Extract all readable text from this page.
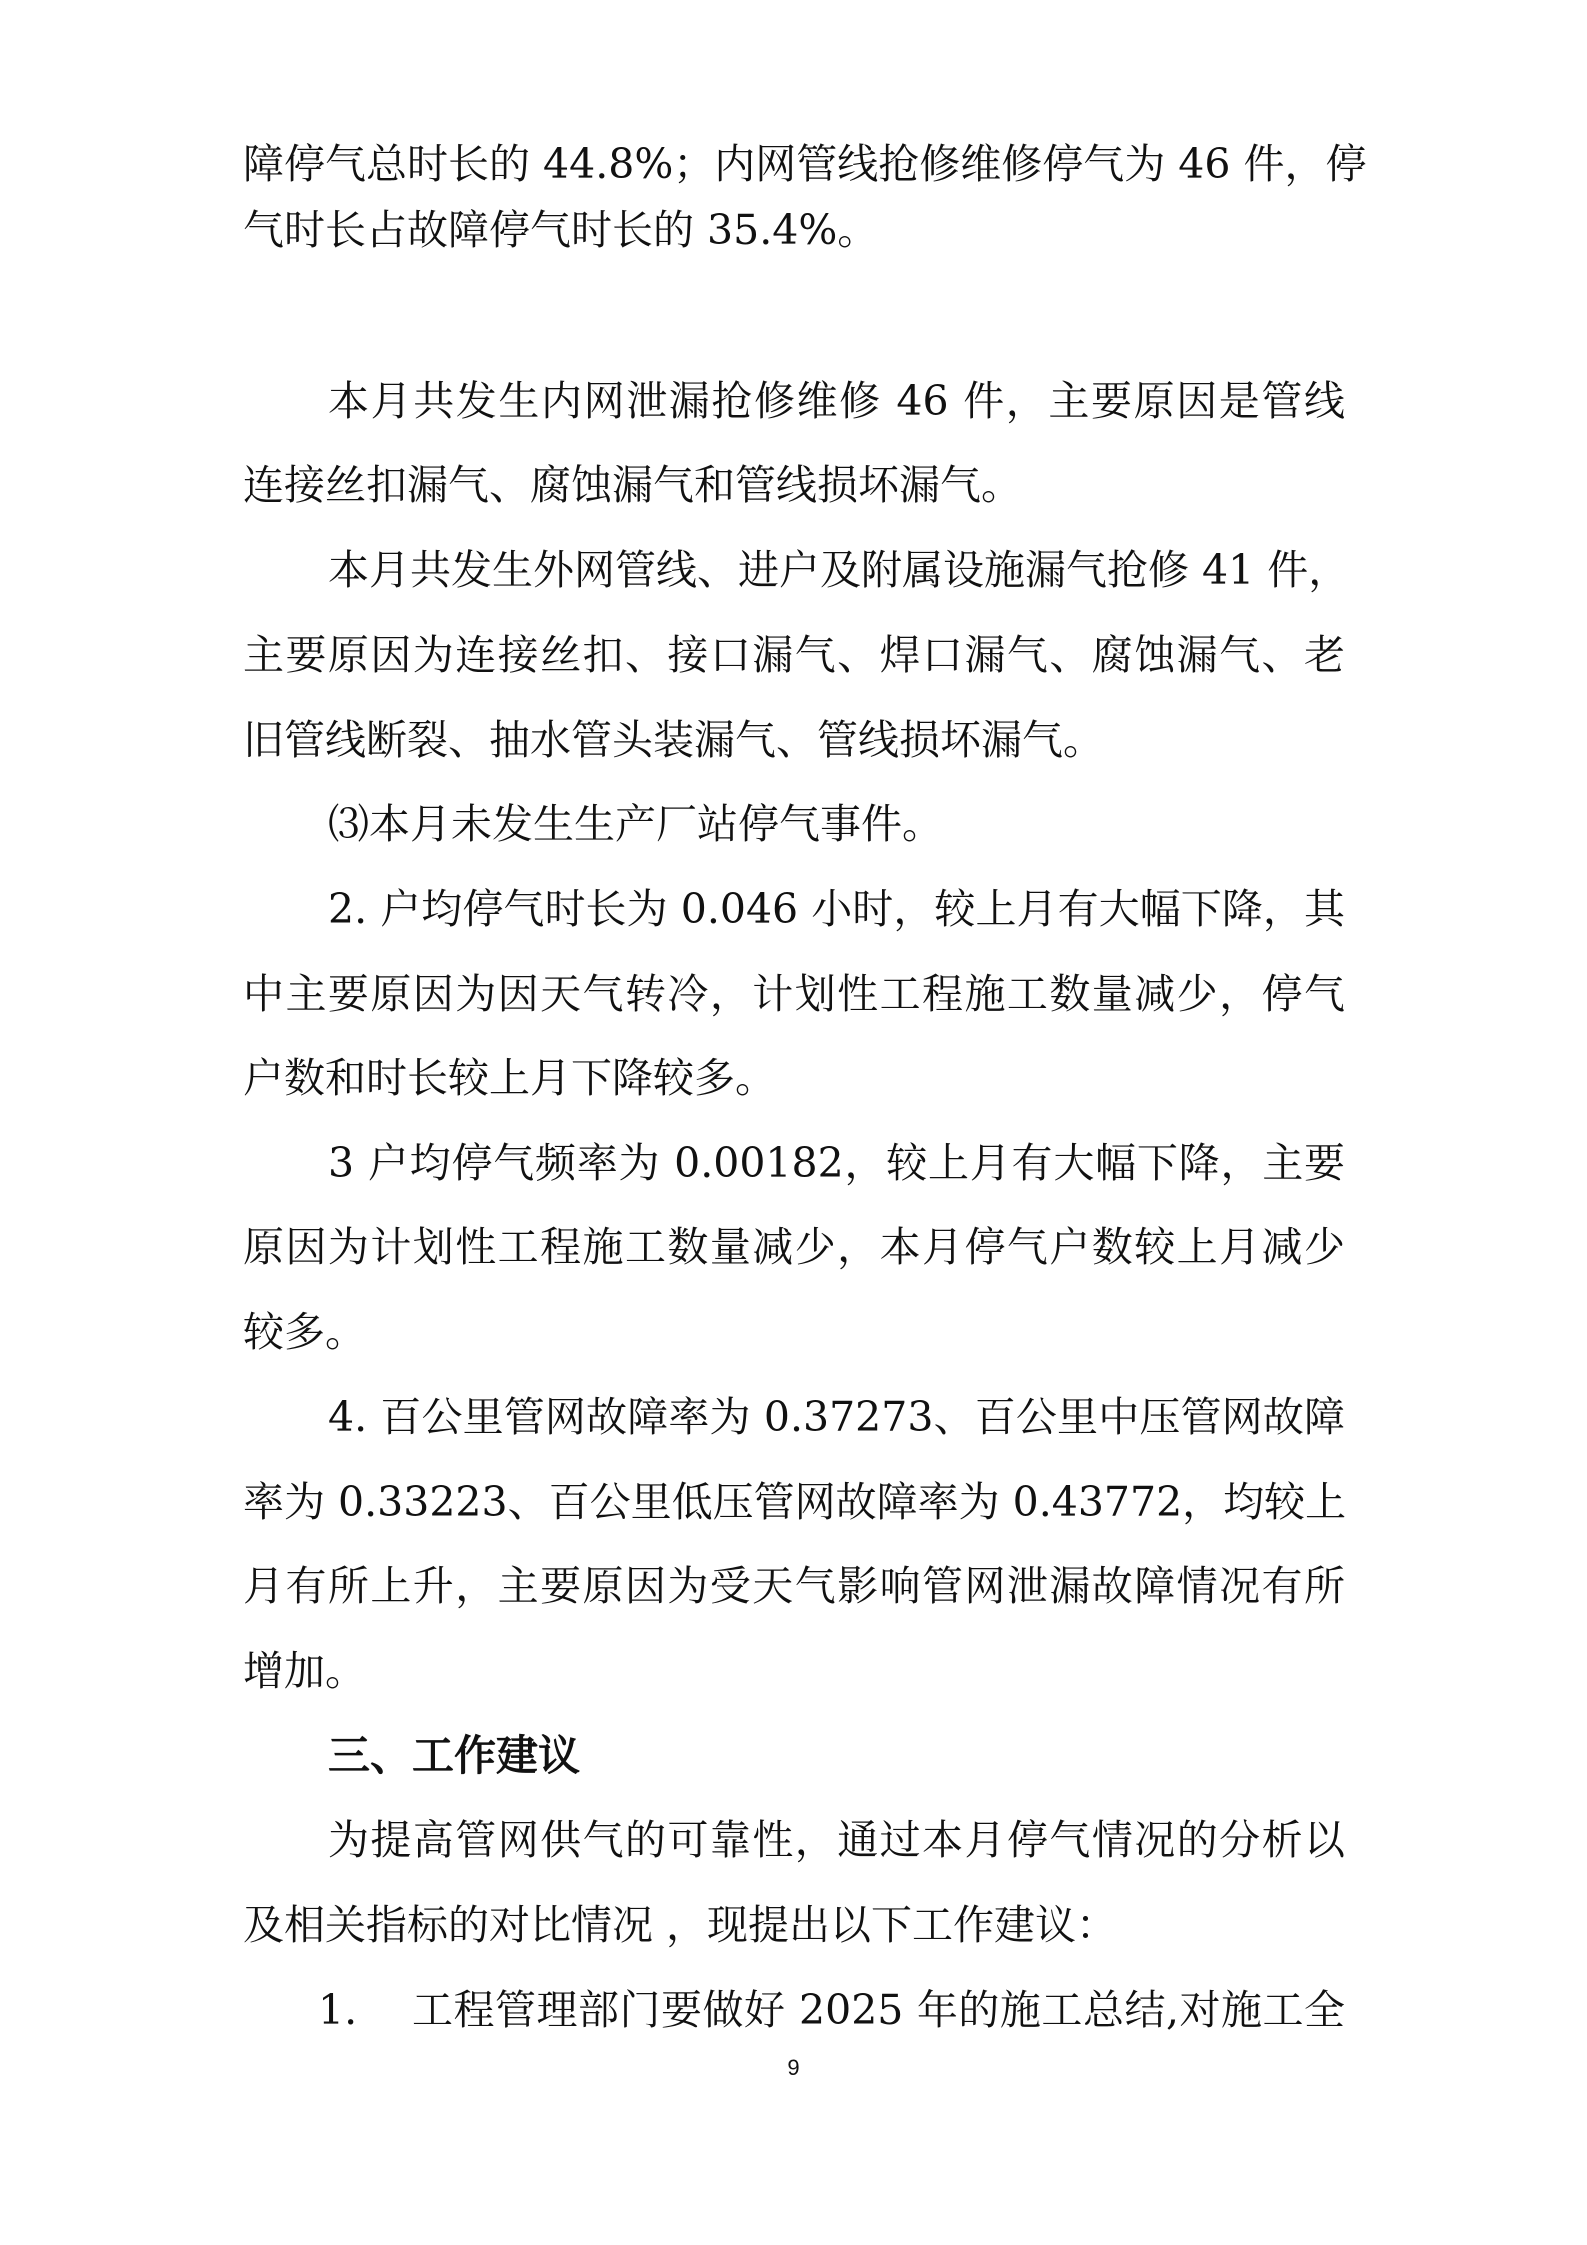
障停气总时长的 44.8%；内网管线抢修维修停气为 46 件，停
气时长占故障停气时长的 35.4%。
本月共发生内网泄漏抢修维修 46 件，主要原因是管线
连接丝扣漏气、腐蚀漏气和管线损坏漏气。
本月共发生外网管线、进户及附属设施漏气抢修 41 件，
主要原因为连接丝扣、接口漏气、焊口漏气、腐蚀漏气、老
旧管线断裂、抽水管头装漏气、管线损坏漏气。
⑶本月未发生生产厂站停气事件。
2. 户均停气时长为 0.046 小时，较上月有大幅下降，其
中主要原因为因天气转冷，计划性工程施工数量减少，停气
户数和时长较上月下降较多。
3 户均停气频率为 0.00182，较上月有大幅下降，主要
原因为计划性工程施工数量减少，本月停气户数较上月减少
较多。
4. 百公里管网故障率为 0.37273、百公里中压管网故障
率为 0.33223、百公里低压管网故障率为 0.43772，均较上
月有所上升，主要原因为受天气影响管网泄漏故障情况有所
增加。
三、工作建议
为提高管网供气的可靠性，通过本月停气情况的分析以
及相关指标的对比情况 ，现提出以下工作建议：
1. 工程管理部门要做好 2025 年的施工总结,对施工全
9
